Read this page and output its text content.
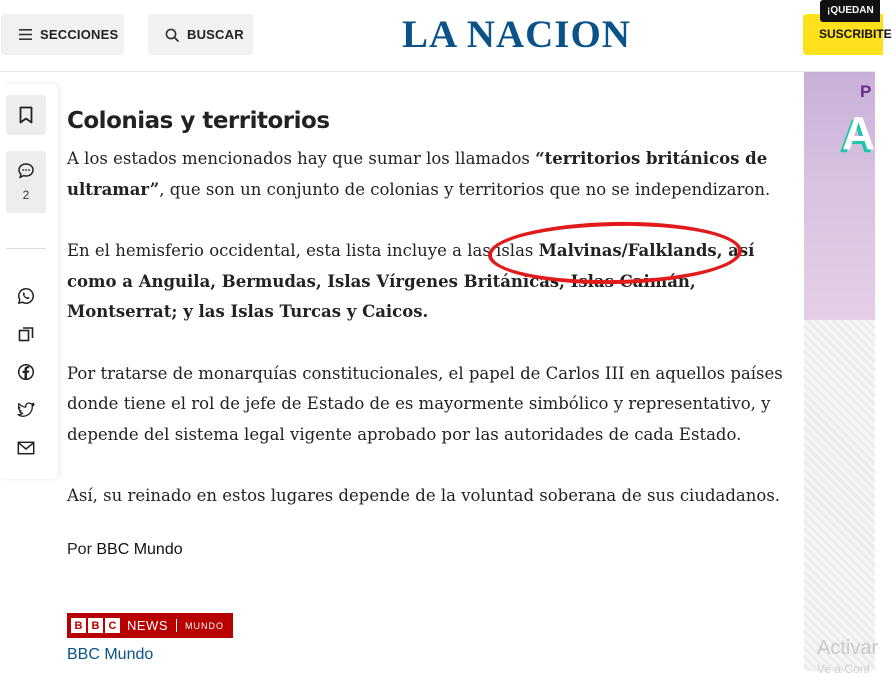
SECCIONES	BUSCAR	LA NACION	SUSCRIBITE
¡QUEDAN
2
Colonias y territorios

A los estados mencionados hay que sumar los llamados “territorios británicos de ultramar”, que son un conjunto de colonias y territorios que no se independizaron.

En el hemisferio occidental, esta lista incluye a las islas Malvinas/Falklands, así como a Anguila, Bermudas, Islas Vírgenes Británicas, Islas Caimán, Montserrat; y las Islas Turcas y Caicos.

Por tratarse de monarquías constitucionales, el papel de Carlos III en aquellos países donde tiene el rol de jefe de Estado de es mayormente simbólico y representativo, y depende del sistema legal vigente aprobado por las autoridades de cada Estado.

Así, su reinado en estos lugares depende de la voluntad soberana de sus ciudadanos.

Por BBC Mundo

B B C NEWS MUNDO
BBC Mundo
P
A
Activar
Ve a Conf
